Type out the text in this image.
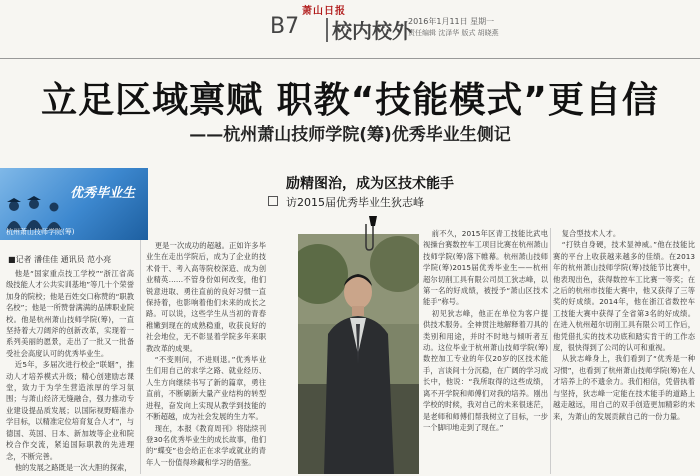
萧山日报
B7 校内校外
2016年1月11日 星期一
责任编辑 沈泽华 版式 胡晓燕
立足区域禀赋 职教“技能模式”更自信
——杭州萧山技师学院(筹)优秀毕业生侧记
优秀毕业生
杭州萧山技师学院(筹)
■记者 潘佳佳 通讯员 范小亮
励精图治，成为区技术能手
访2015届优秀毕业生狄志峰

他是“国家重点技工学校”“浙江省高级技能人才公共实训基地”等几十个荣誉加身的院校；他是百姓交口称赞的“职教名校”；他是一所赞誉满满的品牌职业院校。他是杭州萧山技师学院(筹)，一直坚持着大刀阔斧的创新改革，实现着一系列美丽的愿景，走出了一批又一批备受社会高度认可的优秀毕业生。

近5年，多届次进行校企“联姻”，推动人才培养模式升级；精心创建励志课堂，致力于为学生营造浓厚的学习氛围；与萧山经济无缝融合，强力推动专业建设提品质发展；以国际视野瞄准办学目标，以精准定位培育复合人才”，与德国、英国、日本、新加坡等企业和院校合作交流，紧追国际职教的先进理念，不断完善。

他的发展之路既是一次大胆的探索，

更是一次成功的超越。正如许多毕业生在走出学院后，成为了企业的技术骨干、考入高等院校深造、成为创业精英……不管身份如何改变，他们锐意进取、勇往直前的良好习惯一直保持着，也影响着他们未来的成长之路。可以说，这些学生从当初的青春稚嫩到现在的成熟稳重，收获良好的社会地位，无不彰显着学院多年来职教改革的成果。

“不变则问，不进则退。”优秀毕业生们用自己的求学之路、就业经历、人生方向继续书写了新的篇章，勇往直前，不断刷新大量产业结构的转型进程，奋发向上实现从教学到技能的不断超越，成为社会发展的生力军。

现在，本报《教育周刊》将陆续刊登30名优秀毕业生的成长故事，他们的“蝶变”也会给正在求学或就业的青年人一份值得珍藏和学习的借鉴。

前不久，2015年区青工技能比武电视操台赛数控车工项目比赛在杭州萧山技师学院(筹)落下帷幕。杭州萧山技师学院(筹)2015届优秀毕业生——杭州超尔切削工具有限公司员工狄志峰，以第一名的好成绩，被授予“萧山区技术能手”称号。

初见狄志峰，他正在单位为客户提供技术服务。全神贯注地解释着刀具的类别和用途，并时不时地与倾听者互动。这位毕业于杭州萧山技师学院(筹)数控加工专业的年仅20岁的区技术能手，言谈间十分沉稳，在广阔的学习成长中，他说：“我所取得的这些成绩，离不开学院和师傅们对我的培养。刚出学校的时候，我对自己的未来很迷茫，是老师和师傅们帮我树立了目标，一步一个脚印地走到了现在。”

复合型技术人才。

“打铁自身硬，技术显神威。”他在技能比赛的平台上收获越来越多的佳绩。在2013年的杭州萧山技师学院(筹)技能节比赛中，他表现出色，获得数控车工比赛一等奖；在之后的杭州市技能大赛中，他又获得了三等奖的好成绩。2014年，他在浙江省数控车工技能大赛中获得了全省第3名的好成绩。在进入杭州超尔切削工具有限公司工作后，他凭借扎实的技术功底和踏实肯干的工作态度，很快得到了公司的认可和重视。

从狄志峰身上，我们看到了“优秀是一种习惯”，也看到了杭州萧山技师学院(筹)在人才培养上的不遗余力。我们相信，凭借执着与坚持，狄志峰一定能在技术能手的道路上越走越远，用自己的双手创造更加精彩的未来，为萧山的发展贡献自己的一份力量。
